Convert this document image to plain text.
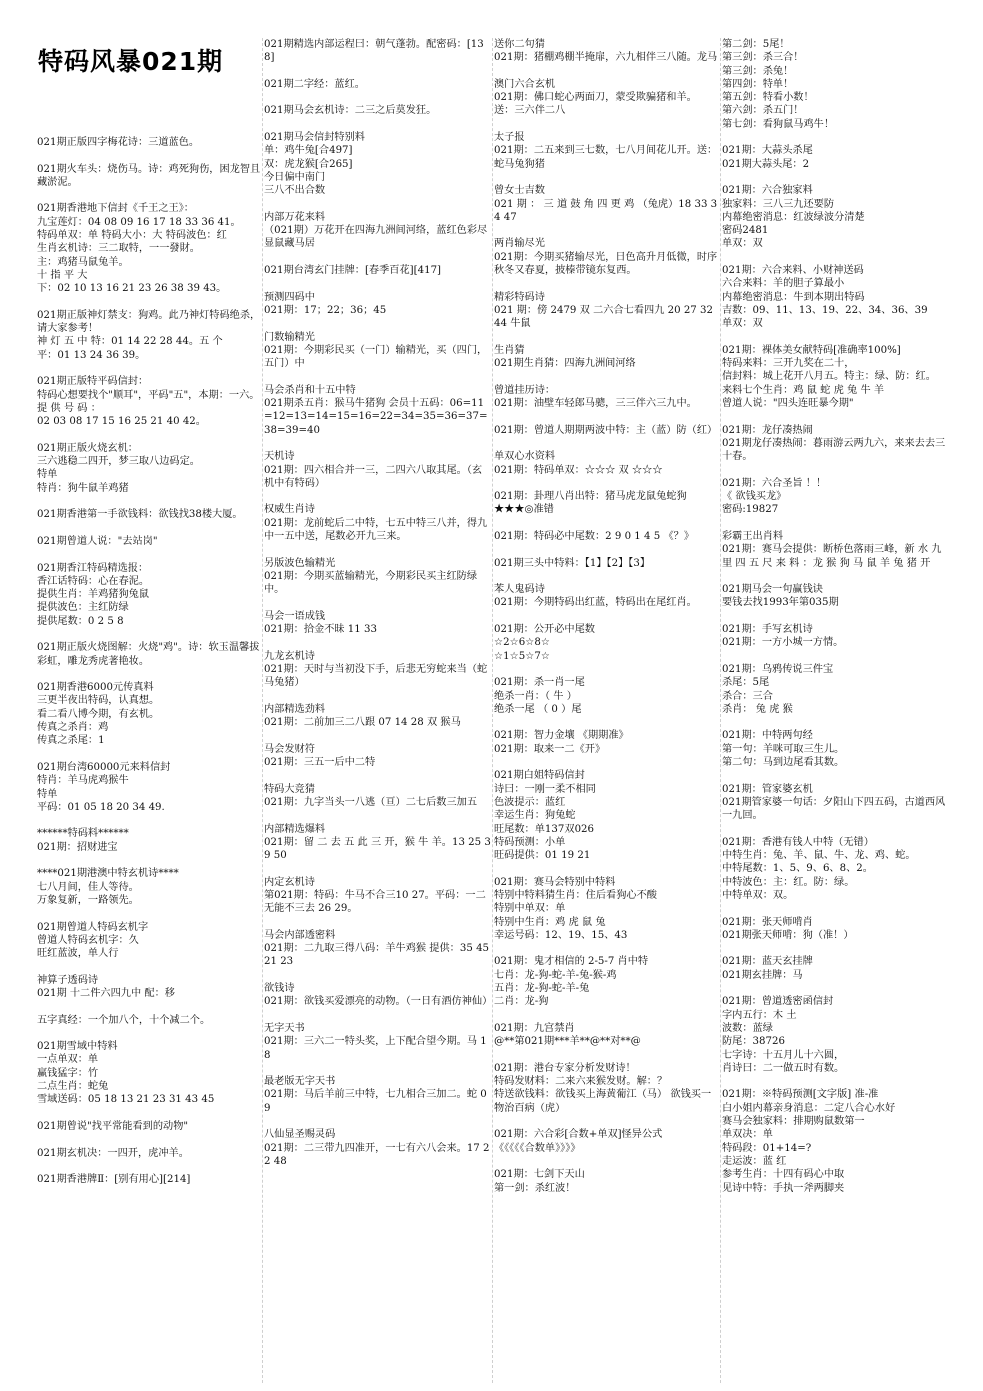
特码风暴021期
021期正版四字梅花诗：三道蓝色。
021期火车头：烧伤马。诗：鸡死狗伤，困龙智且藏淤泥。
021期香港地下信封《千王之王》：
九宝莲灯：04 08 09 16 17 18 33 36 41。
特码单双：单 特码大小：大 特码波色：红
生肖玄机诗：三二取特，一一發財。
主：鸡猪马鼠兔羊。
十 指 平 大
下：02 10 13 16 21 23 26 38 39 43。
021期正版神灯禁支：狗鸡。此乃神灯特码绝杀，请大家参考！
神 灯 五 中 特：01 14 22 28 44。五 个
平：01 13 24 36 39。
021期正版特平码信封：
特码心想要找个"顺耳"，平码"五"，本期：一六。
提 供 号 码 ：
02 03 08 17 15 16 25 21 40 42。
021期正版火烧玄机：
三六逃稳二四开，梦三取八边码定。
特单
特肖：狗牛鼠羊鸡猪
021期香港第一手欲钱料：欲钱找38楼大厦。
021期曾道人说："去站岗"
021期香江特码精选报：
香江话特码：心在春泥。
提供生肖：羊鸡猪狗兔鼠
提供波色：主红防绿
提供尾数：0 2 5 8
021期正版火烧图解：火烧"鸡"。诗：软玉温馨拔彩虹，雕龙秀虎著艳妆。
021期香港6000元传真料
三更半夜出特码，认真想。
看二看八博今期，有玄机。
传真之杀肖：鸡
传真之杀尾：1
021期台湾60000元来料信封
特肖：羊马虎鸡猴牛
特单
平码：01 05 18 20 34 49.
******特码料******
021期：招财进宝
****021期港澳中特玄机诗****
七八月间，佳人等待。
万象复新，一路领先。
021期曾道人特码玄机字
曾道人特码玄机字：久
旺红蓝波，单人行
神算子透码诗
021期 十二件六四九中 配：移
五字真经：一个加八个，十个减二个。
021期雪域中特料
一点单双：单
赢钱猛字：竹
二点生肖：蛇兔
雪域送码：05 18 13 21 23 31 43 45
021期曾说"找平常能看到的动物"
021期玄机决：一四开，虎冲羊。
021期香港牌Ⅱ：[别有用心][214]
021期精选内部运程曰：朝气蓬勃。配密码：[138]
021期二字经：蓝红。
021期马会玄机诗：二三之后莫发狂。
021期马会信封特别料
单：鸡牛兔[合497]
双：虎龙猴[合265]
今日偏中南门
三八不出合数
内部万花来料
（021期）万花开在四海九洲间河络，蓝红色彩尽显鼠藏马居
021期台湾玄门挂牌：[春季百花][417]
预测四码中
021期：17；22；36；45
门数输精光
021期：今期彩民买（一门）输精光，买（四门，五门）中
马会杀肖和十五中特
021期杀五肖：猴马牛猪狗 会员十五码：06=11=12=13=14=15=16=22=34=35=36=37=38=39=40
天机诗
021期：四六相合并一三，二四六八取其尾。（玄机中有特码）
权威生肖诗
021期：龙前蛇后二中特，七五中特三八并，得九中一五中送，尾数必开九三来。
另版波色输精光
021期：今期买蓝输精光，今期彩民买主红防绿中。
马会一语成钱
021期：拾金不昧 11 33
九龙玄机诗
021期：天时与当初没下手，后悲无穷蛇来当（蛇马兔猪）
内部精选劲料
021期：二前加三二八跟 07 14 28 双 猴马
马会发财符
021期：三五一后中二特
特码大竞猜
021期：九字当头一八逃（亘）二七后数三加五
内部精选爆料
021期：留 二 去 五 此 三 开，猴 牛 羊。13 25 39 50
内定玄机诗
第021期：特码：牛马不合三10 27。平码：一二无能不三去 26 29。
马会内部透密料
021期：二九取三得八码：羊牛鸡猴 提供：35 45 21 23
欲钱诗
021期：欲钱买爱漂亮的动物。（一日有酒仿神仙）
无字天书
021期：三六二一特头奖，上下配合望今期。马 18
最老版无字天书
021期：马后羊前三中特，七九相合三加二。蛇 09
八仙显圣赐灵码
021期：二三带九四准开，一七有六八会来。17 22 48
送你二句猜
021期：猪棚鸡棚半掩扉，六九相伴三八随。龙马
澳门六合玄机
021期：佛口蛇心两面刀，蒙受欺骗猪和羊。 送：三六伴二八
太子报
021期：二五来到三七数，七八月间花儿开。送：蛇马兔狗猪
曾女士吉数
021 期 ： 三 道 鼓 角 四 更 鸡 （兔虎）18 33 34 47
两肖输尽光
021期：今期买猪输尽光，日色高升月低微，时序秋冬又春夏，披榛带镜东复西。
精彩特码诗
021 期：傍 2479 双 二六合七看四九 20 27 32 44 牛鼠
生肖猜
021期生肖猜：四海九洲间河络
曾道挂历诗：
021期：油壁车轻郎马骢，三三伴六三九中。
021期：曾道人期期两波中特：主（蓝）防（红）
单双心水资料
021期：特码单双：☆☆☆ 双 ☆☆☆
021期：卦理八肖出特：猪马虎龙鼠兔蛇狗
★★★◎准错
021期：特码必中尾数：2 9 0 1 4 5 《？》
021期三头中特料：【1】【2】【3】
苯人鬼码诗
021期：今期特码出红蓝，特码出在尾红肖。
021期：公开必中尾数
☆2☆6☆8☆
☆1☆5☆7☆
021期：杀一肖一尾
绝杀一肖：（ 牛 ）
绝杀一尾 （ 0 ）尾
021期：智力金壤 《期期准》
021期：取来一二《开》
021期白姐特码信封
诗曰：一刚一柔不相同
色波提示：蓝红
幸运生肖：狗兔蛇
旺尾数：单137双026
特码预测：小单
旺码提供：01 19 21
021期：赛马会特别中特料
特别中特料猜生肖：住后看狗心不酸
特别中单双：单
特别中生肖：鸡 虎 鼠 兔
幸运号码：12、19、15、43
021期：鬼才相信的 2-5-7 肖中特
七肖：龙-狗-蛇-羊-兔-猴-鸡
五肖：龙-狗-蛇-羊-兔
二肖：龙-狗
021期：九宫禁肖
@**第021期***羊**@**对**@
021期：港台专家分析发财诗！
特码发财料：二来六来猴发财。解：？
特送欲钱料：欲钱买上海黄葡江（马） 欲钱买一物治百病（虎）
021期：六合彩[合数+单双]怪异公式
《《《《《合数单》》》》
021期：七剑下天山
第一剑：杀红波！
第二剑：5尾！
第三剑：杀三合！
第三剑：杀兔！
第四剑：特单！
第五剑：特看小数！
第六剑：杀五门！
第七剑：看狗鼠马鸡牛！
021期：大蒜头杀尾
021期大蒜头尾：2
021期：六合独家料
独家料：三八三九还要防
内幕绝密消息：红波绿波分清楚
密码2481
单双：双
021期：六合来料、小财神送码
六合来料：羊的胆子算最小
内幕绝密消息：牛到本期出特码
吉数：09、11、13、19、22、34、36、39
单双：双
021期：裸体美女献特码[准确率100%]
特码来料：三开九奖在二十，
信封料：城上花开八月五。特主：绿、防：红。
来料七个生肖：鸡 鼠 蛇 虎 兔 牛 羊
曾道人说："四头连旺暴今期"
021期：龙仔凑热闹
021期龙仔凑热闹：暮雨游云两九六，来来去去三十春。
021期：六合圣旨 ！！
《 欲钱买龙》
密码:19827
彩霸王出肖料
021期：赛马会提供：断桥色落雨三峰，新 水 九 里 四 五 尺 来 料 ：龙 猴 狗 马 鼠 羊 兔 猪 开
021期马会一句赢钱诀
要钱去找1993年第035期
021期：手写玄机诗
021期：一方小城一方情。
021期：乌鸦传说三件宝
杀尾：5尾
杀合：三合
杀肖： 兔 虎 猴
021期：中特两句经
第一句：羊咪可取三生儿。
第二句：马到边尾看其数。
021期：管家婆玄机
021期管家婆一句话：夕阳山下四五码，古道西风一九回。
021期：香港有钱人中特（无错）
中特生肖：兔、羊、鼠、牛、龙、鸡、蛇。
中特尾数：1、5、9、6、8、2。
中特波色：主：红。防：绿。
中特单双：双。
021期：张天师啃肖
021期张天师啃：狗（准！）
021期：蓝天玄挂牌
021期玄挂牌：马
021期：曾道透密函信封
字内五行：木 土
波数：蓝绿
防尾：38726
七字诗：十五月儿十六圆，
肖诗曰：二一做五时有数。
021期：※特码预测[文字版] 准-准
白小姐内幕亲身消息：二定八合心水好
赛马会独家料：排期购鼠数第一
单双决：单
特码段：01+14=?
走运波：蓝 红
参考生肖：十四有码心中取
见诗中特：手执一斧两脚夹
